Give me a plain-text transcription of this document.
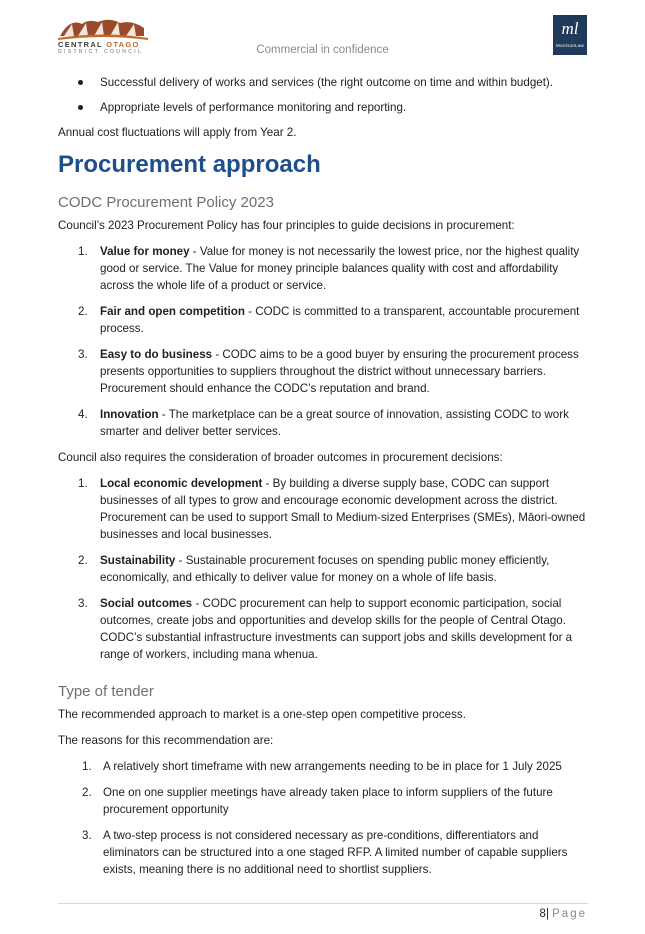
CENTRAL OTAGO
DISTRICT COUNCIL	Commercial in confidence
ml
MorrisonLaw
Successful delivery of works and services (the right outcome on time and within budget).
Appropriate levels of performance monitoring and reporting.

Annual cost fluctuations will apply from Year 2.

Procurement approach
CODC Procurement Policy 2023

Council’s 2023 Procurement Policy has four principles to guide decisions in procurement:

1. Value for money - Value for money is not necessarily the lowest price, nor the highest quality good or service. The Value for money principle balances quality with cost and affordability across the whole life of a product or service.
2. Fair and open competition - CODC is committed to a transparent, accountable procurement process.
3. Easy to do business - CODC aims to be a good buyer by ensuring the procurement process presents opportunities to suppliers throughout the district without unnecessary barriers. Procurement should enhance the CODC’s reputation and brand.
4. Innovation - The marketplace can be a great source of innovation, assisting CODC to work smarter and deliver better services.

Council also requires the consideration of broader outcomes in procurement decisions:

1. Local economic development - By building a diverse supply base, CODC can support businesses of all types to grow and encourage economic development across the district. Procurement can be used to support Small to Medium-sized Enterprises (SMEs), Māori-owned businesses and local businesses.
2. Sustainability - Sustainable procurement focuses on spending public money efficiently, economically, and ethically to deliver value for money on a whole of life basis.
3. Social outcomes - CODC procurement can help to support economic participation, social outcomes, create jobs and opportunities and develop skills for the people of Central Otago. CODC’s substantial infrastructure investments can support jobs and skills development for a range of workers, including mana whenua.
Type of tender

The recommended approach to market is a one-step open competitive process.

The reasons for this recommendation are:

1. A relatively short timeframe with new arrangements needing to be in place for 1 July 2025
2. One on one supplier meetings have already taken place to inform suppliers of the future procurement opportunity
3. A two-step process is not considered necessary as pre-conditions, differentiators and eliminators can be structured into a one staged RFP. A limited number of capable suppliers exists, meaning there is no additional need to shortlist suppliers.
8| Page
